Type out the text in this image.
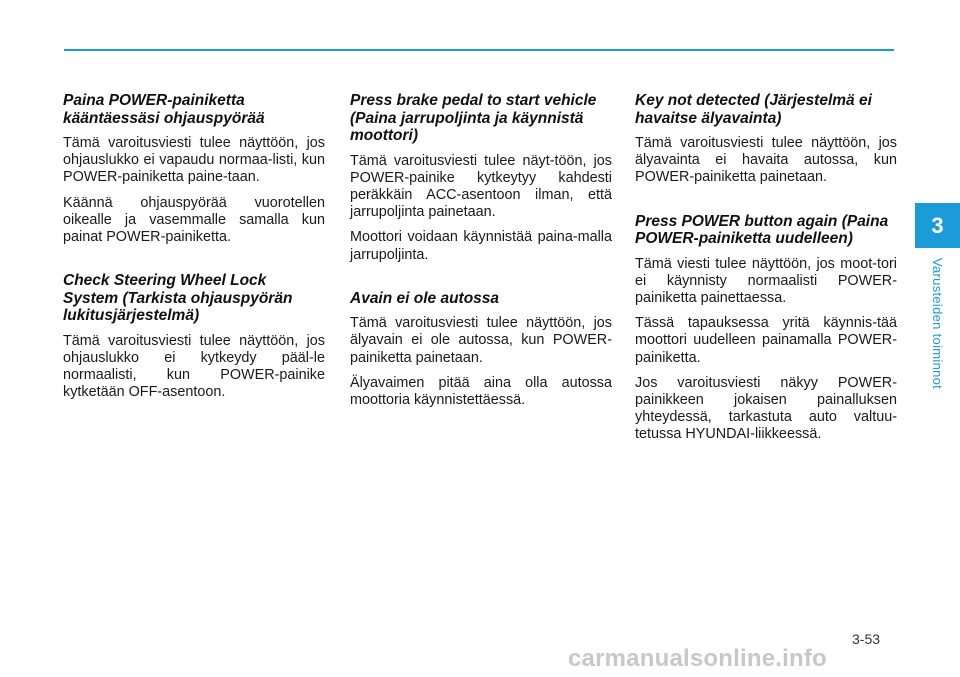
Paina POWER-painiketta kääntäessäsi ohjauspyörää

Tämä varoitusviesti tulee näyttöön, jos ohjauslukko ei vapaudu normaa-listi, kun POWER-painiketta paine-taan.

Käännä ohjauspyörää vuorotellen oikealle ja vasemmalle samalla kun painat POWER-painiketta.

Check Steering Wheel Lock System (Tarkista ohjauspyörän lukitusjärjestelmä)

Tämä varoitusviesti tulee näyttöön, jos ohjauslukko ei kytkeydy pääl-le normaalisti, kun POWER-painike kytketään OFF-asentoon.

Press brake pedal to start vehicle (Paina jarrupoljinta ja käynnistä moottori)

Tämä varoitusviesti tulee näyt-töön, jos POWER-painike kytkeytyy kahdesti peräkkäin ACC-asentoon ilman, että jarrupoljinta painetaan.

Moottori voidaan käynnistää paina-malla jarrupoljinta.

Avain ei ole autossa

Tämä varoitusviesti tulee näyttöön, jos älyavain ei ole autossa, kun POWER-painiketta painetaan.

Älyavaimen pitää aina olla autossa moottoria käynnistettäessä.

Key not detected (Järjestelmä ei havaitse älyavainta)

Tämä varoitusviesti tulee näyttöön, jos älyavainta ei havaita autossa, kun POWER-painiketta painetaan.

Press POWER button again (Paina POWER-painiketta uudelleen)

Tämä viesti tulee näyttöön, jos moot-tori ei käynnisty normaalisti POWER-painiketta painettaessa.

Tässä tapauksessa yritä käynnis-tää moottori uudelleen painamalla POWER-painiketta.

Jos varoitusviesti näkyy POWER-painikkeen jokaisen painalluksen yhteydessä, tarkastuta auto valtuu-tetussa HYUNDAI-liikkeessä.

3
Varusteiden toiminnot
3-53
carmanualsonline.info
